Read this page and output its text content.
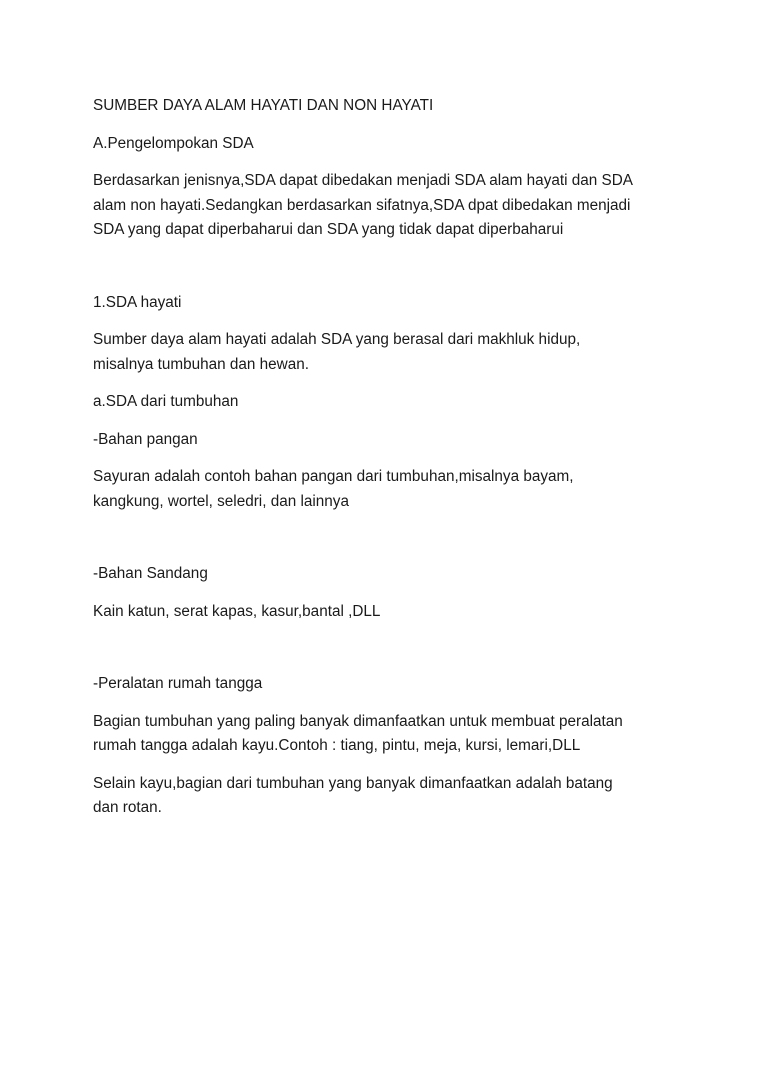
SUMBER DAYA ALAM HAYATI DAN NON HAYATI

A.Pengelompokan SDA

Berdasarkan jenisnya,SDA dapat dibedakan menjadi SDA alam hayati dan SDA
alam non hayati.Sedangkan berdasarkan sifatnya,SDA dpat dibedakan menjadi
SDA yang dapat diperbaharui dan SDA yang tidak dapat diperbaharui

1.SDA hayati

Sumber daya alam hayati adalah SDA yang berasal dari makhluk hidup,
misalnya tumbuhan dan hewan.

a.SDA dari tumbuhan

-Bahan pangan

Sayuran adalah contoh bahan pangan dari tumbuhan,misalnya bayam,
kangkung, wortel, seledri, dan lainnya

-Bahan Sandang

Kain katun, serat kapas, kasur,bantal ,DLL

-Peralatan rumah tangga

Bagian tumbuhan yang paling banyak dimanfaatkan untuk membuat peralatan
rumah tangga adalah kayu.Contoh : tiang, pintu, meja, kursi, lemari,DLL

Selain kayu,bagian dari tumbuhan yang banyak dimanfaatkan adalah batang
dan rotan.
